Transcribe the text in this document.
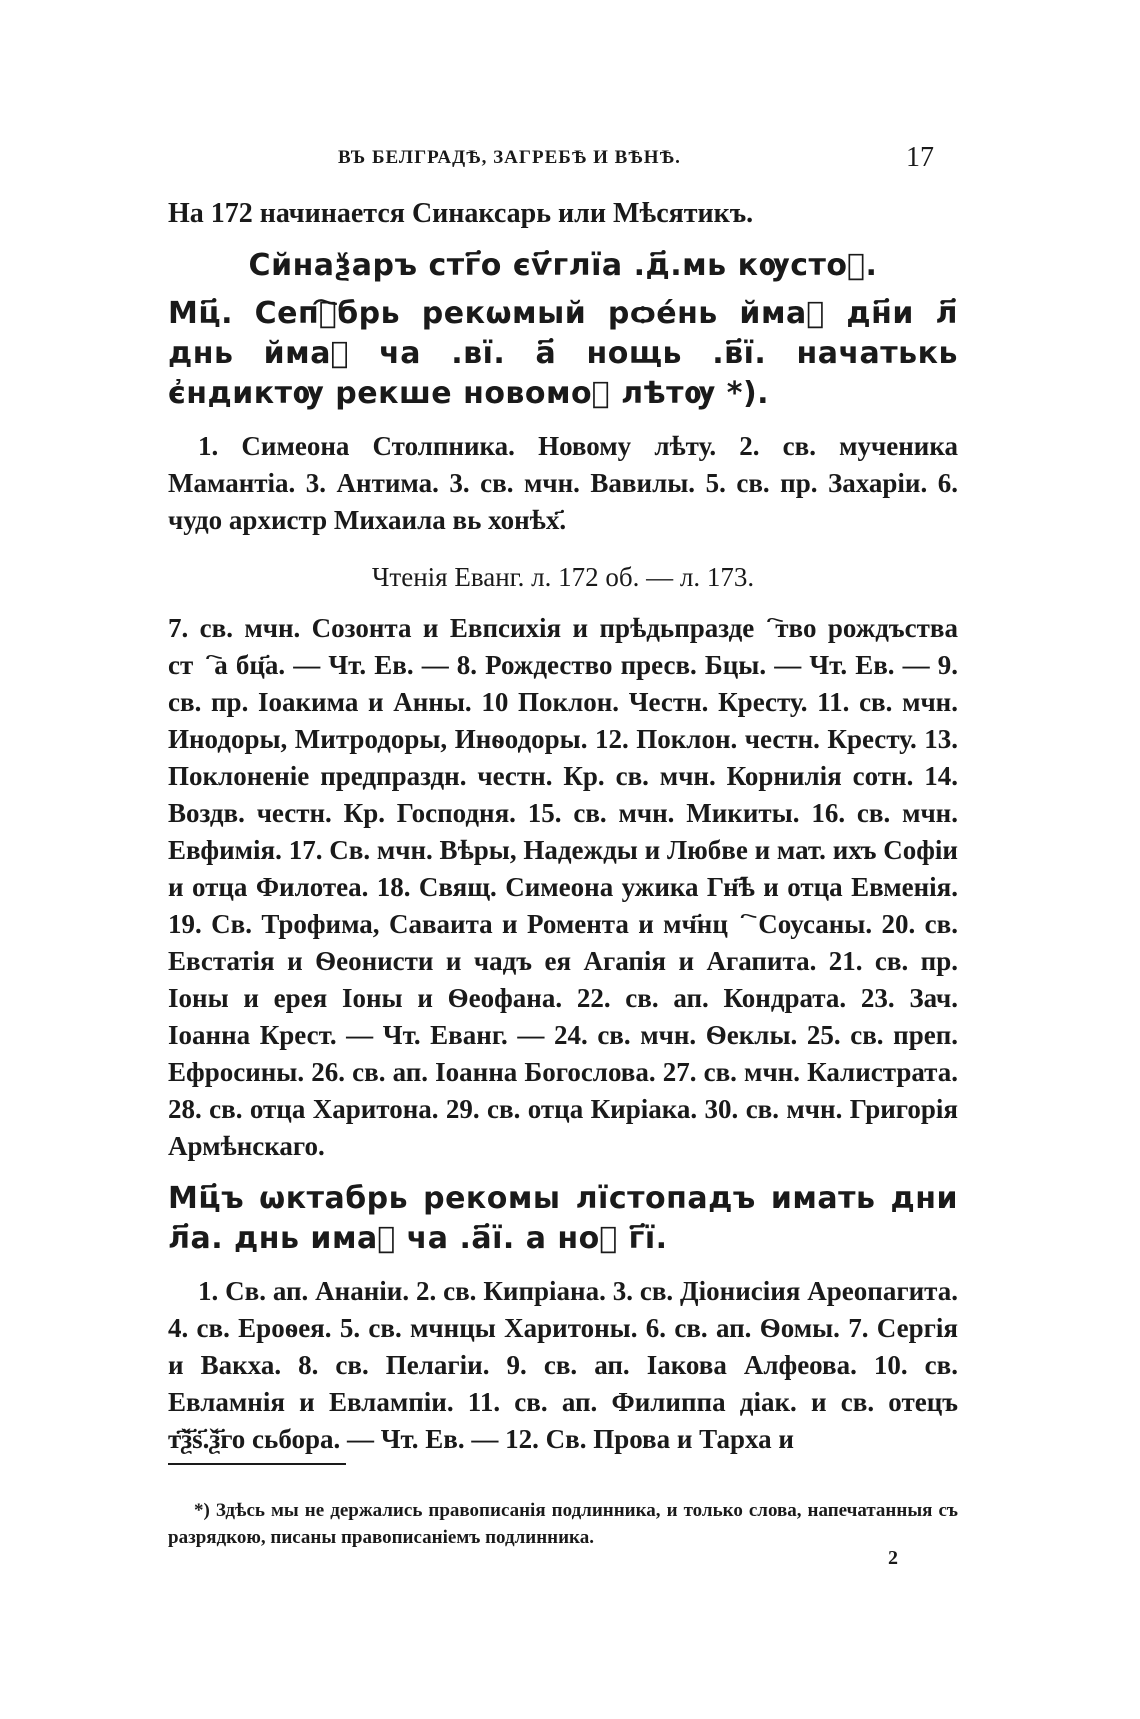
ВЪ БЕЛГРАДѢ, ЗАГРЕБѢ И ВѢНѢ.	17

На 172 начинается Синаксарь или Мѣсятикъ.

Сйнаѯаръ стг҃о єѵ҃глїа .д҃.мь кѹстоⷨ.

Мц҃. Сепⷮ҇брь рекѡмый рѻе́нь ймаⷮ дн҃и л҃ днь ймаⷮ ча .вї. а҃ нощь .в҃ї. начатькь є҆ндиктѹ рекше новомоⷪ лѣтѹ *).

1. Симеона Столпника. Новому лѣту. 2. св. мученика Мамантіа. 3. Антима. 3. св. мчн. Вавилы. 5. св. пр. Захаріи. 6. чудо архистр Михаила вь хонѣх҃.

Чтенія Еванг. л. 172 об. — л. 173.

7. св. мчн. Созонта и Евпсихія и прѣдьпраздеⷭ҇тво рождъства стⷤ҇а бц҃а. — Чт. Ев. — 8. Рождество пресв. Бцы. — Чт. Ев. — 9. св. пр. Іоакима и Анны. 10 Поклон. Честн. Кресту. 11. св. мчн. Инодоры, Митродоры, Инѳодоры. 12. Поклон. честн. Кресту. 13. Поклоненіе предпраздн. честн. Кр. св. мчн. Корнилія сотн. 14. Воздв. честн. Кр. Господня. 15. св. мчн. Микиты. 16. св. мчн. Евфимія. 17. Св. мчн. Вѣры, Надежды и Любве и мат. ихъ Софіи и отца Филотеа. 18. Свящ. Симеона ужика Гн҃ѣ и отца Евменія. 19. Св. Трофима, Саваита и Ромента и мч҃нцⷤ҇ Соусаны. 20. св. Евстатія и Ѳеонисти и чадъ ея Агапія и Агапита. 21. св. пр. Іоны и ерея Іоны и Ѳеофана. 22. св. ап. Кондрата. 23. Зач. Іоанна Крест. — Чт. Еванг. — 24. св. мчн. Ѳеклы. 25. св. преп. Ефросины. 26. св. ап. Іоанна Богослова. 27. св. мчн. Калистрата. 28. св. отца Харитона. 29. св. отца Киріака. 30. св. мчн. Григорія Армѣнскаго.

Мц҃ъ ѡктабрь рекомы лїстопадъ имать дни л҃а. днь имаⷮ ча .а҃ї. а ноⷮ г҃ї.

1. Св. ап. Ананіи. 2. св. Кипріана. 3. св. Діонисіия Ареопагита. 4. св. Ероѳея. 5. св. мчнцы Харитоны. 6. св. ап. Ѳомы. 7. Сергія и Вакха. 8. св. Пелагіи. 9. св. ап. Іакова Алфеова. 10. св. Евламнія и Евлампіи. 11. св. ап. Филиппа діак. и св. отецъ т҃ѯ҃ѕ҃.ѯ҃го сьбора. — Чт. Ев. — 12. Св. Прова и Тарха и

*) Здѣсь мы не держались правописанія подлинника, и только слова, напечатанныя съ разрядкою, писаны правописаніемъ подлинника.

2
